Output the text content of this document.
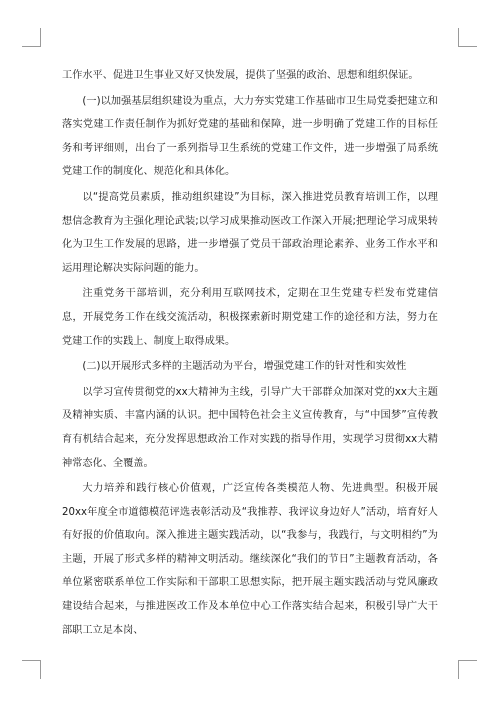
工作水平、促进卫生事业又好又快发展，提供了坚强的政治、思想和组织保证。

(一)以加强基层组织建设为重点，大力夯实党建工作基础市卫生局党委把建立和落实党建工作责任制作为抓好党建的基础和保障，进一步明确了党建工作的目标任务和考评细则，出台了一系列指导卫生系统的党建工作文件，进一步增强了局系统党建工作的制度化、规范化和具体化。

以“提高党员素质，推动组织建设”为目标，深入推进党员教育培训工作，以理想信念教育为主强化理论武装;以学习成果推动医改工作深入开展;把理论学习成果转化为卫生工作发展的思路，进一步增强了党员干部政治理论素养、业务工作水平和运用理论解决实际问题的能力。

注重党务干部培训，充分利用互联网技术，定期在卫生党建专栏发布党建信息，开展党务工作在线交流活动，积极探索新时期党建工作的途径和方法，努力在党建工作的实践上、制度上取得成果。

(二)以开展形式多样的主题活动为平台，增强党建工作的针对性和实效性

以学习宣传贯彻党的xx大精神为主线，引导广大干部群众加深对党的xx大主题及精神实质、丰富内涵的认识。把中国特色社会主义宣传教育，与“中国梦”宣传教育有机结合起来，充分发挥思想政治工作对实践的指导作用，实现学习贯彻xx大精神常态化、全覆盖。

大力培养和践行核心价值观，广泛宣传各类模范人物、先进典型。积极开展20xx年度全市道德模范评选表彰活动及“我推荐、我评议身边好人”活动，培育好人有好报的价值取向。深入推进主题实践活动，以“我参与，我践行，与文明相约”为主题，开展了形式多样的精神文明活动。继续深化“我们的节日”主题教育活动，各单位紧密联系单位工作实际和干部职工思想实际，把开展主题实践活动与党风廉政建设结合起来，与推进医改工作及本单位中心工作落实结合起来，积极引导广大干部职工立足本岗、
